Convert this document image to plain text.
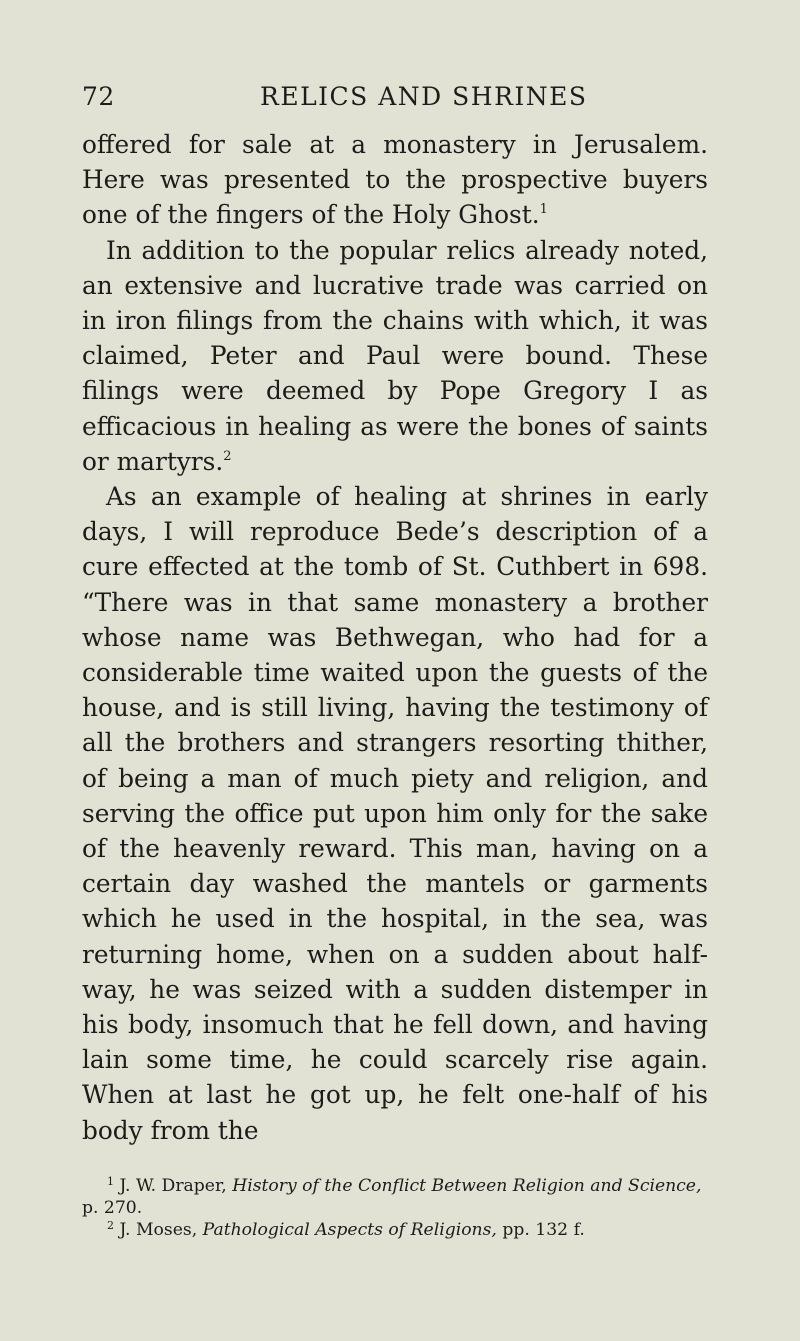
72	RELICS AND SHRINES

offered for sale at a monastery in Jerusalem. Here was presented to the prospective buyers one of the fingers of the Holy Ghost.$^1$

In addition to the popular relics already noted, an extensive and lucrative trade was carried on in iron filings from the chains with which, it was claimed, Peter and Paul were bound. These filings were deemed by Pope Gregory I as efficacious in healing as were the bones of saints or martyrs.$^2$

As an example of healing at shrines in early days, I will reproduce Bede’s description of a cure effected at the tomb of St. Cuthbert in 698. “There was in that same monastery a brother whose name was Bethwegan, who had for a considerable time waited upon the guests of the house, and is still living, having the testimony of all the brothers and strangers resorting thither, of being a man of much piety and religion, and serving the office put upon him only for the sake of the heavenly reward. This man, having on a certain day washed the mantels or garments which he used in the hospital, in the sea, was returning home, when on a sudden about half-way, he was seized with a sudden distemper in his body, insomuch that he fell down, and having lain some time, he could scarcely rise again. When at last he got up, he felt one-half of his body from the

$^1$ J. W. Draper, History of the Conflict Between Religion and Science, p. 270.

$^2$ J. Moses, Pathological Aspects of Religions, pp. 132 f.
